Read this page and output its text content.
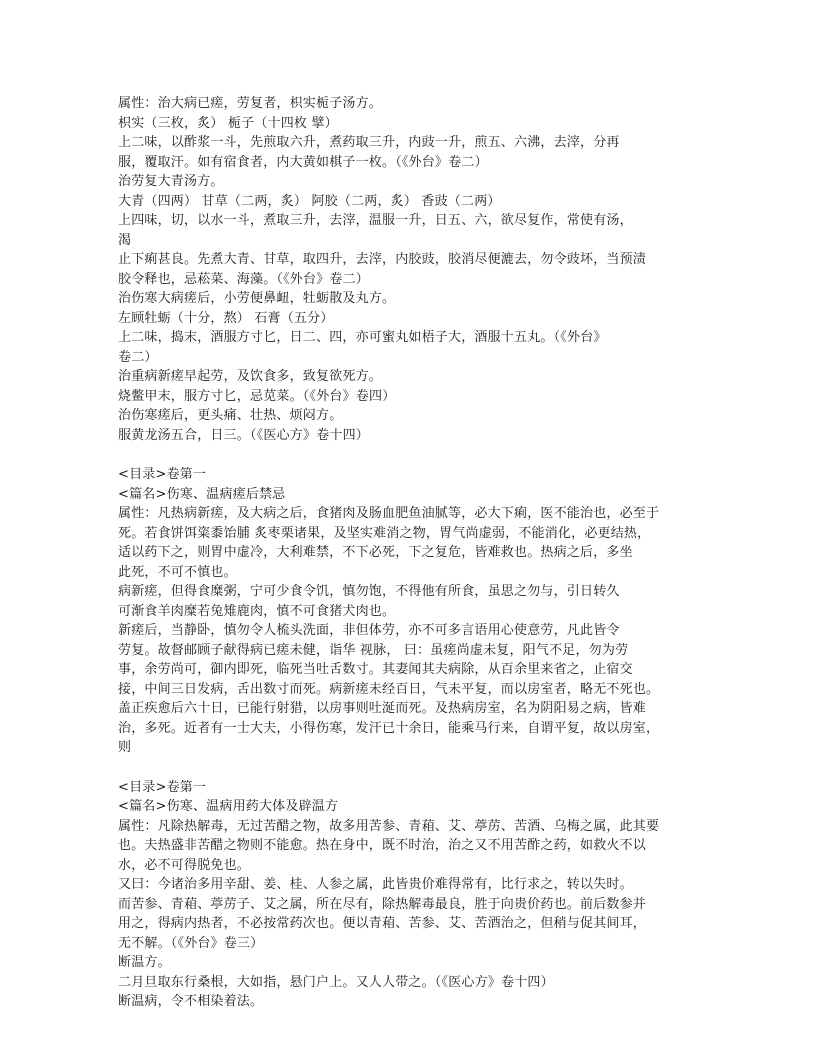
属性：治大病已瘥，劳复者，枳实栀子汤方。
枳实（三枚，炙） 栀子（十四枚 擘）
上二味，以酢浆一斗，先煎取六升，煮药取三升，内豉一升，煎五、六沸，去滓，分再
服，覆取汗。如有宿食者，内大黄如棋子一枚。（《外台》卷二）
治劳复大青汤方。
大青（四两） 甘草（二两，炙） 阿胶（二两，炙） 香豉（二两）
上四味，切，以水一斗，煮取三升，去滓，温服一升，日五、六，欲尽复作，常使有汤，
渴
止下痢甚良。先煮大青、甘草，取四升，去滓，内胶豉，胶消尽便漉去，勿令豉坏，当预渍
胶令释也，忌菘菜、海藻。（《外台》卷二）
治伤寒大病瘥后，小劳便鼻衄，牡蛎散及丸方。
左顾牡蛎（十分，熬） 石膏（五分）
上二味，捣末，酒服方寸匕，日二、四，亦可蜜丸如梧子大，酒服十五丸。（《外台》
卷二）
治重病新瘥早起劳，及饮食多，致复欲死方。
烧鳖甲末，服方寸匕，忌苋菜。（《外台》卷四）
治伤寒瘥后，更头痛、壮热、烦闷方。
服黄龙汤五合，日三。（《医心方》卷十四）
<目录>卷第一
<篇名>伤寒、温病瘥后禁忌
属性：凡热病新瘥，及大病之后，食猪肉及肠血肥鱼油腻等，必大下痢，医不能治也，必至于
死。若食饼饵粢黍饴脯 炙枣栗诸果，及坚实难消之物，胃气尚虚弱，不能消化，必更结热，
适以药下之，则胃中虚冷，大利难禁，不下必死，下之复危，皆难救也。热病之后，多坐
此死，不可不慎也。
病新瘥，但得食糜粥，宁可少食令饥，慎勿饱，不得他有所食，虽思之勿与，引日转久
可渐食羊肉糜若兔雉鹿肉，慎不可食猪犬肉也。
新瘥后，当静卧，慎勿令人梳头洗面，非但体劳，亦不可多言语用心使意劳，凡此皆令
劳复。故督邮顾子献得病已瘥未健，诣华 视脉， 曰：虽瘥尚虚未复，阳气不足，勿为劳
事，余劳尚可，御内即死，临死当吐舌数寸。其妻闻其夫病除，从百余里来省之，止宿交
接，中间三日发病，舌出数寸而死。病新瘥未经百日，气未平复，而以房室者，略无不死也。
盖正疾愈后六十日，已能行射猎，以房事则吐涎而死。及热病房室，名为阴阳易之病，皆难
治，多死。近者有一士大夫，小得伤寒，发汗已十余日，能乘马行来，自谓平复，故以房室，
则
<目录>卷第一
<篇名>伤寒、温病用药大体及辟温方
属性：凡除热解毒，无过苦醋之物，故多用苦参、青葙、艾、葶苈、苦酒、乌梅之属，此其要
也。夫热盛非苦醋之物则不能愈。热在身中，既不时治，治之又不用苦酢之药，如救火不以
水，必不可得脱免也。
又曰：今诸治多用辛甜、姜、桂、人参之属，此皆贵价难得常有，比行求之，转以失时。
而苦参、青葙、葶苈子、艾之属，所在尽有，除热解毒最良，胜于向贵价药也。前后数参并
用之，得病内热者，不必按常药次也。便以青葙、苦参、艾、苦酒治之，但稍与促其间耳，
无不解。（《外台》卷三）
断温方。
二月旦取东行桑根，大如指，悬门户上。又人人带之。（《医心方》卷十四）
断温病，令不相染着法。
